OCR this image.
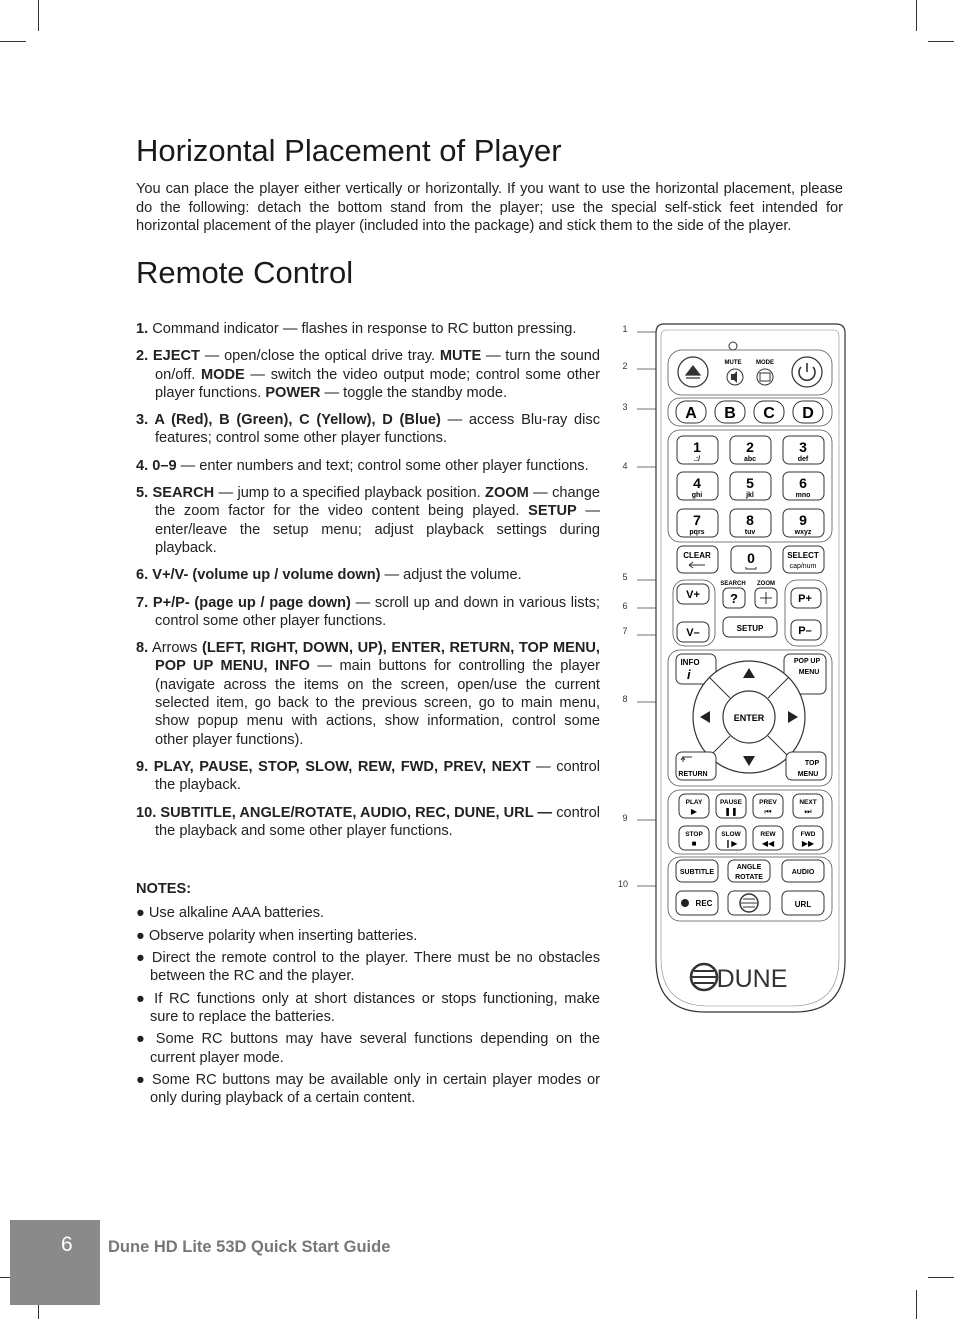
Horizontal Placement of Player

You can place the player either vertically or horizontally. If you want to use the horizontal placement, please do the following: detach the bottom stand from the player; use the special self-stick feet intended for horizontal placement of the player (included into the package) and stick them to the side of the player.

Remote Control

1. Command indicator — flashes in response to RC button pressing.

2. EJECT — open/close the optical drive tray. MUTE — turn the sound on/off. MODE — switch the video output mode; control some other player functions. POWER — toggle the standby mode.

3. A (Red), B (Green), C (Yellow), D (Blue) — access Blu-ray disc features; control some other player functions.

4. 0–9 — enter numbers and text; control some other player functions.

5. SEARCH — jump to a specified playback position. ZOOM — change the zoom factor for the video content being played. SETUP — enter/leave the setup menu; adjust playback settings during playback.

6. V+/V- (volume up / volume down) — adjust the volume.

7. P+/P- (page up / page down) — scroll up and down in various lists; control some other player functions.

8. Arrows (LEFT, RIGHT, DOWN, UP), ENTER, RETURN, TOP MENU, POP UP MENU, INFO — main buttons for controlling the player (navigate across the items on the screen, open/use the current selected item, go back to the previous screen, go to main menu, show popup menu with actions, show information, control some other player functions).

9. PLAY, PAUSE, STOP, SLOW, REW, FWD, PREV, NEXT — control the playback.

10. SUBTITLE, ANGLE/ROTATE, AUDIO, REC, DUNE, URL — control the playback and some other player functions.

NOTES:

● Use alkaline AAA batteries.

● Observe polarity when inserting batteries.

● Direct the remote control to the player. There must be no obstacles between the RC and the player.

● If RC functions only at short distances or stops functioning, make sure to replace the batteries.

● Some RC buttons may have several functions depending on the current player mode.

● Some RC buttons may be available only in certain player modes or only during playback of a certain content.

1
2
3
4
5
6
7
8
9
10
MUTE MODE
A B C D
1
.:/
2
abc
3
def
4
ghi
5
jkl
6
mno
7
pqrs
8
tuv
9
wxyz
CLEAR	0	SELECT
cap/num
V+
V–
SEARCH ZOOM
?
SETUP
P+
P–
INFO
i
POP UP
MENU
ENTER
RETURN
TOP
MENU
PLAY
▶
PAUSE
❚❚
PREV
⏮
NEXT
⏭
STOP
■
SLOW
❙▶
REW
◀◀
FWD
▶▶
SUBTITLE
ANGLE
ROTATE
AUDIO
REC	URL
DUNE
6	Dune HD Lite 53D Quick Start Guide
